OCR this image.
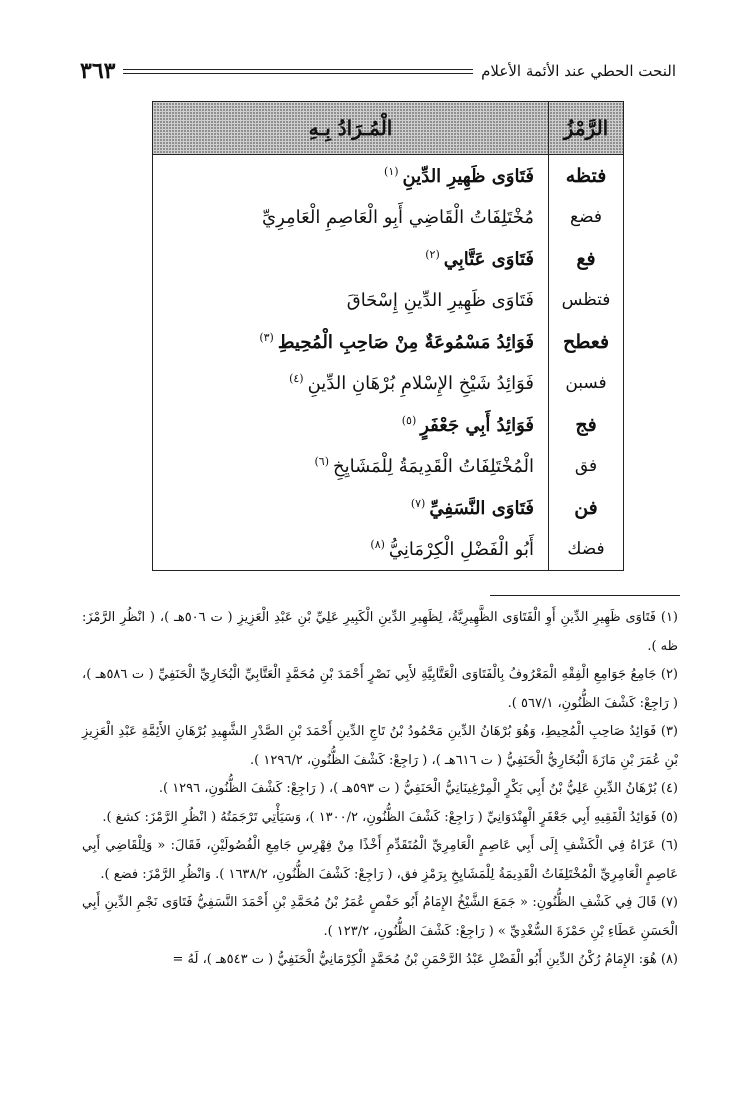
النحت الحطي عند الأئمة الأعلام
٣٦٣
الرَّمْزُ	الْمُـرَادُ بِـهِ
فتظه	فَتَاوَى ظَهِيرِ الدِّينِ$^{(١)}$
فضع	مُخْتَلِفَاتُ الْقَاضِي أَبِو الْعَاصِمِ الْعَامِرِيِّ
فع	فَتَاوَى عَتَّابِي$^{(٢)}$
فتظس	فَتَاوَى ظَهِيرِ الدِّينِ إِسْحَاقَ
فعطح	فَوَائِدُ مَسْمُوعَةٌ مِنْ صَاحِبِ الْمُحِيطِ$^{(٣)}$
فسبن	فَوَائِدُ شَيْخِ الإِسْلامِ بُرْهَانِ الدِّينِ$^{(٤)}$
فج	فَوَائِدُ أَبِي جَعْفَرٍ$^{(٥)}$
فق	الْمُخْتَلِفَاتُ الْقَدِيمَةُ لِلْمَشَايِخِ$^{(٦)}$
فن	فَتَاوَى النَّسَفِيِّ$^{(٧)}$
فضك	أَبُو الْفَضْلِ الْكِرْمَانِيُّ$^{(٨)}$

(١) فَتَاوَى ظَهِيرِ الدِّينِ أَوِ الْفَتَاوَى الظَّهِيرِيَّةُ، لِظَهِيرِ الدِّينِ الْكَبِيرِ عَلِيِّ بْنِ عَبْدِ الْعَزِيزِ ( ت ٥٠٦هـ )، ( انْظُرِ الرَّمْزَ: ظه ).

(٢) جَامِعُ جَوَامِعِ الْفِقْهِ الْمَعْرُوفُ بِالْفَتَاوَى الْعَتَّابِيَّةِ لأَبِي نَصْرٍ أَحْمَدَ بْنِ مُحَمَّدٍ الْعَتَّابِيِّ الْبُخَارِيِّ الْحَنَفِيِّ ( ت ٥٨٦هـ )، ( رَاجِعْ: كَشْفَ الظُّنُونِ، ٥٦٧/١ ).

(٣) فَوَائِدُ صَاحِبِ الْمُحِيطِ، وَهُوَ بُرْهَانُ الدِّينِ مَحْمُودُ بْنُ تَاجِ الدِّينِ أَحْمَدَ بْنِ الصَّدْرِ الشَّهِيدِ بُرْهَانِ الأَئِمَّةِ عَبْدِ الْعَزِيزِ بْنِ عُمَرَ بْنِ مَازَةَ الْبُخَارِيُّ الْحَنَفِيُّ ( ت ٦١٦هـ )، ( رَاجِعْ: كَشْفَ الظُّنُونِ، ١٢٩٦/٢ ).

(٤) بُرْهَانُ الدِّينِ عَلِيُّ بْنُ أَبِي بَكْرٍ الْمِرْغِينَانِيُّ الْحَنَفِيُّ ( ت ٥٩٣هـ )، ( رَاجِعْ: كَشْفَ الظُّنُونِ، ١٢٩٦ ).

(٥) فَوَائِدُ الْفَقِيهِ أَبِي جَعْفَرٍ الْهِنْدَوَانِيِّ ( رَاجِعْ: كَشْفَ الظُّنُونِ، ١٣٠٠/٢ )، وَسَيَأْتِي تَرْجَمَتُهُ ( انْظُرِ الرَّمْزَ: كشغ ).

(٦) عَزَاهُ فِي الْكَشْفِ إِلَى أَبِي عَاصِمٍ الْعَامِرِيِّ الْمُتَقَدِّمِ أَخْذًا مِنْ فِهْرِسِ جَامِعِ الْفُصُولَيْنِ، فَقَالَ: « وَلِلْقَاضِي أَبِي عَاصِمٍ الْعَامِرِيِّ الْمُخْتَلِفَاتُ الْقَدِيمَةُ لِلْمَشَايِخِ بِرَمْزِ فق، ( رَاجِعْ: كَشْفَ الظُّنُونِ، ١٦٣٨/٢ ). وَانْظُرِ الرَّمْزَ: فضع ).

(٧) قَالَ فِي كَشْفِ الظُّنُونِ: « جَمَعَ الشَّيْخُ الإِمَامُ أَبُو حَفْصٍ عُمَرُ بْنُ مُحَمَّدِ بْنِ أَحْمَدَ النَّسَفِيُّ فَتَاوَى نَجْمِ الدِّينِ أَبِي الْحَسَنِ عَطَاءِ بْنِ حَمْزَةَ السُّغْدِيِّ » ( رَاجِعْ: كَشْفَ الظُّنُونِ، ١٢٣/٢ ).

(٨) هُوَ: الإِمَامُ رُكْنُ الدِّينِ أَبُو الْفَضْلِ عَبْدُ الرَّحْمَنِ بْنُ مُحَمَّدٍ الْكِرْمَانِيُّ الْحَنَفِيُّ ( ت ٥٤٣هـ )، لَهُ =
